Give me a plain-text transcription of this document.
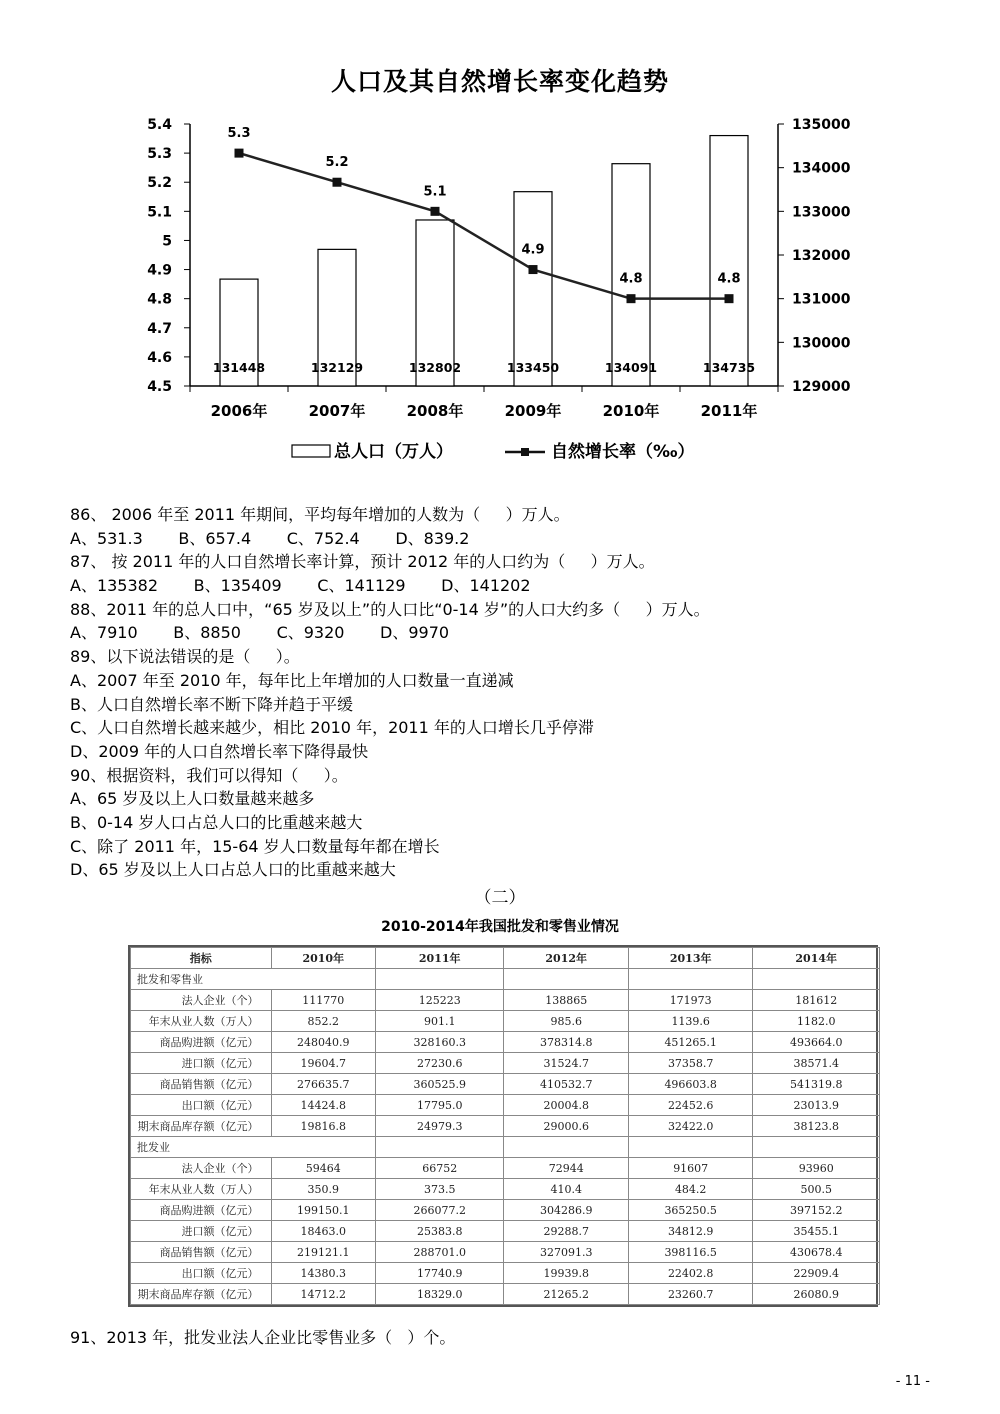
人口及其自然增长率变化趋势
5.4
5.3
5.2
5.1
5
4.9
4.8
4.7
4.6
4.5
135000
134000
133000
132000
131000
130000
129000
131448	132129	132802	133450	134091	134735
5.3
5.2
5.1
4.9
4.8	4.8
2006年	2007年	2008年	2009年	2010年	2011年
总人口（万人）	自然增长率（‰）
86、 2006 年至 2011 年期间，平均每年增加的人数为（     ）万人。
A、531.3       B、657.4       C、752.4       D、839.2
87、 按 2011 年的人口自然增长率计算，预计 2012 年的人口约为（     ）万人。
A、135382       B、135409       C、141129       D、141202
88、2011 年的总人口中，“65 岁及以上”的人口比“0-14 岁”的人口大约多（     ）万人。
A、7910       B、8850       C、9320       D、9970
89、以下说法错误的是（     ）。
A、2007 年至 2010 年，每年比上年增加的人口数量一直递减
B、人口自然增长率不断下降并趋于平缓
C、人口自然增长越来越少，相比 2010 年，2011 年的人口增长几乎停滞
D、2009 年的人口自然增长率下降得最快
90、根据资料，我们可以得知（     ）。
A、65 岁及以上人口数量越来越多
B、0-14 岁人口占总人口的比重越来越大
C、除了 2011 年，15-64 岁人口数量每年都在增长
D、65 岁及以上人口占总人口的比重越来越大
（二）
2010-2014年我国批发和零售业情况
指标	2010年	2011年	2012年	2013年	2014年
批发和零售业					
法人企业（个）	111770	125223	138865	171973	181612
年末从业人数（万人）	852.2	901.1	985.6	1139.6	1182.0
商品购进额（亿元）	248040.9	328160.3	378314.8	451265.1	493664.0
进口额（亿元）	19604.7	27230.6	31524.7	37358.7	38571.4
商品销售额（亿元）	276635.7	360525.9	410532.7	496603.8	541319.8
出口额（亿元）	14424.8	17795.0	20004.8	22452.6	23013.9
期末商品库存额（亿元）	19816.8	24979.3	29000.6	32422.0	38123.8
批发业					
法人企业（个）	59464	66752	72944	91607	93960
年末从业人数（万人）	350.9	373.5	410.4	484.2	500.5
商品购进额（亿元）	199150.1	266077.2	304286.9	365250.5	397152.2
进口额（亿元）	18463.0	25383.8	29288.7	34812.9	35455.1
商品销售额（亿元）	219121.1	288701.0	327091.3	398116.5	430678.4
出口额（亿元）	14380.3	17740.9	19939.8	22402.8	22909.4
期末商品库存额（亿元）	14712.2	18329.0	21265.2	23260.7	26080.9
91、2013 年，批发业法人企业比零售业多（   ）个。
- 11 -
